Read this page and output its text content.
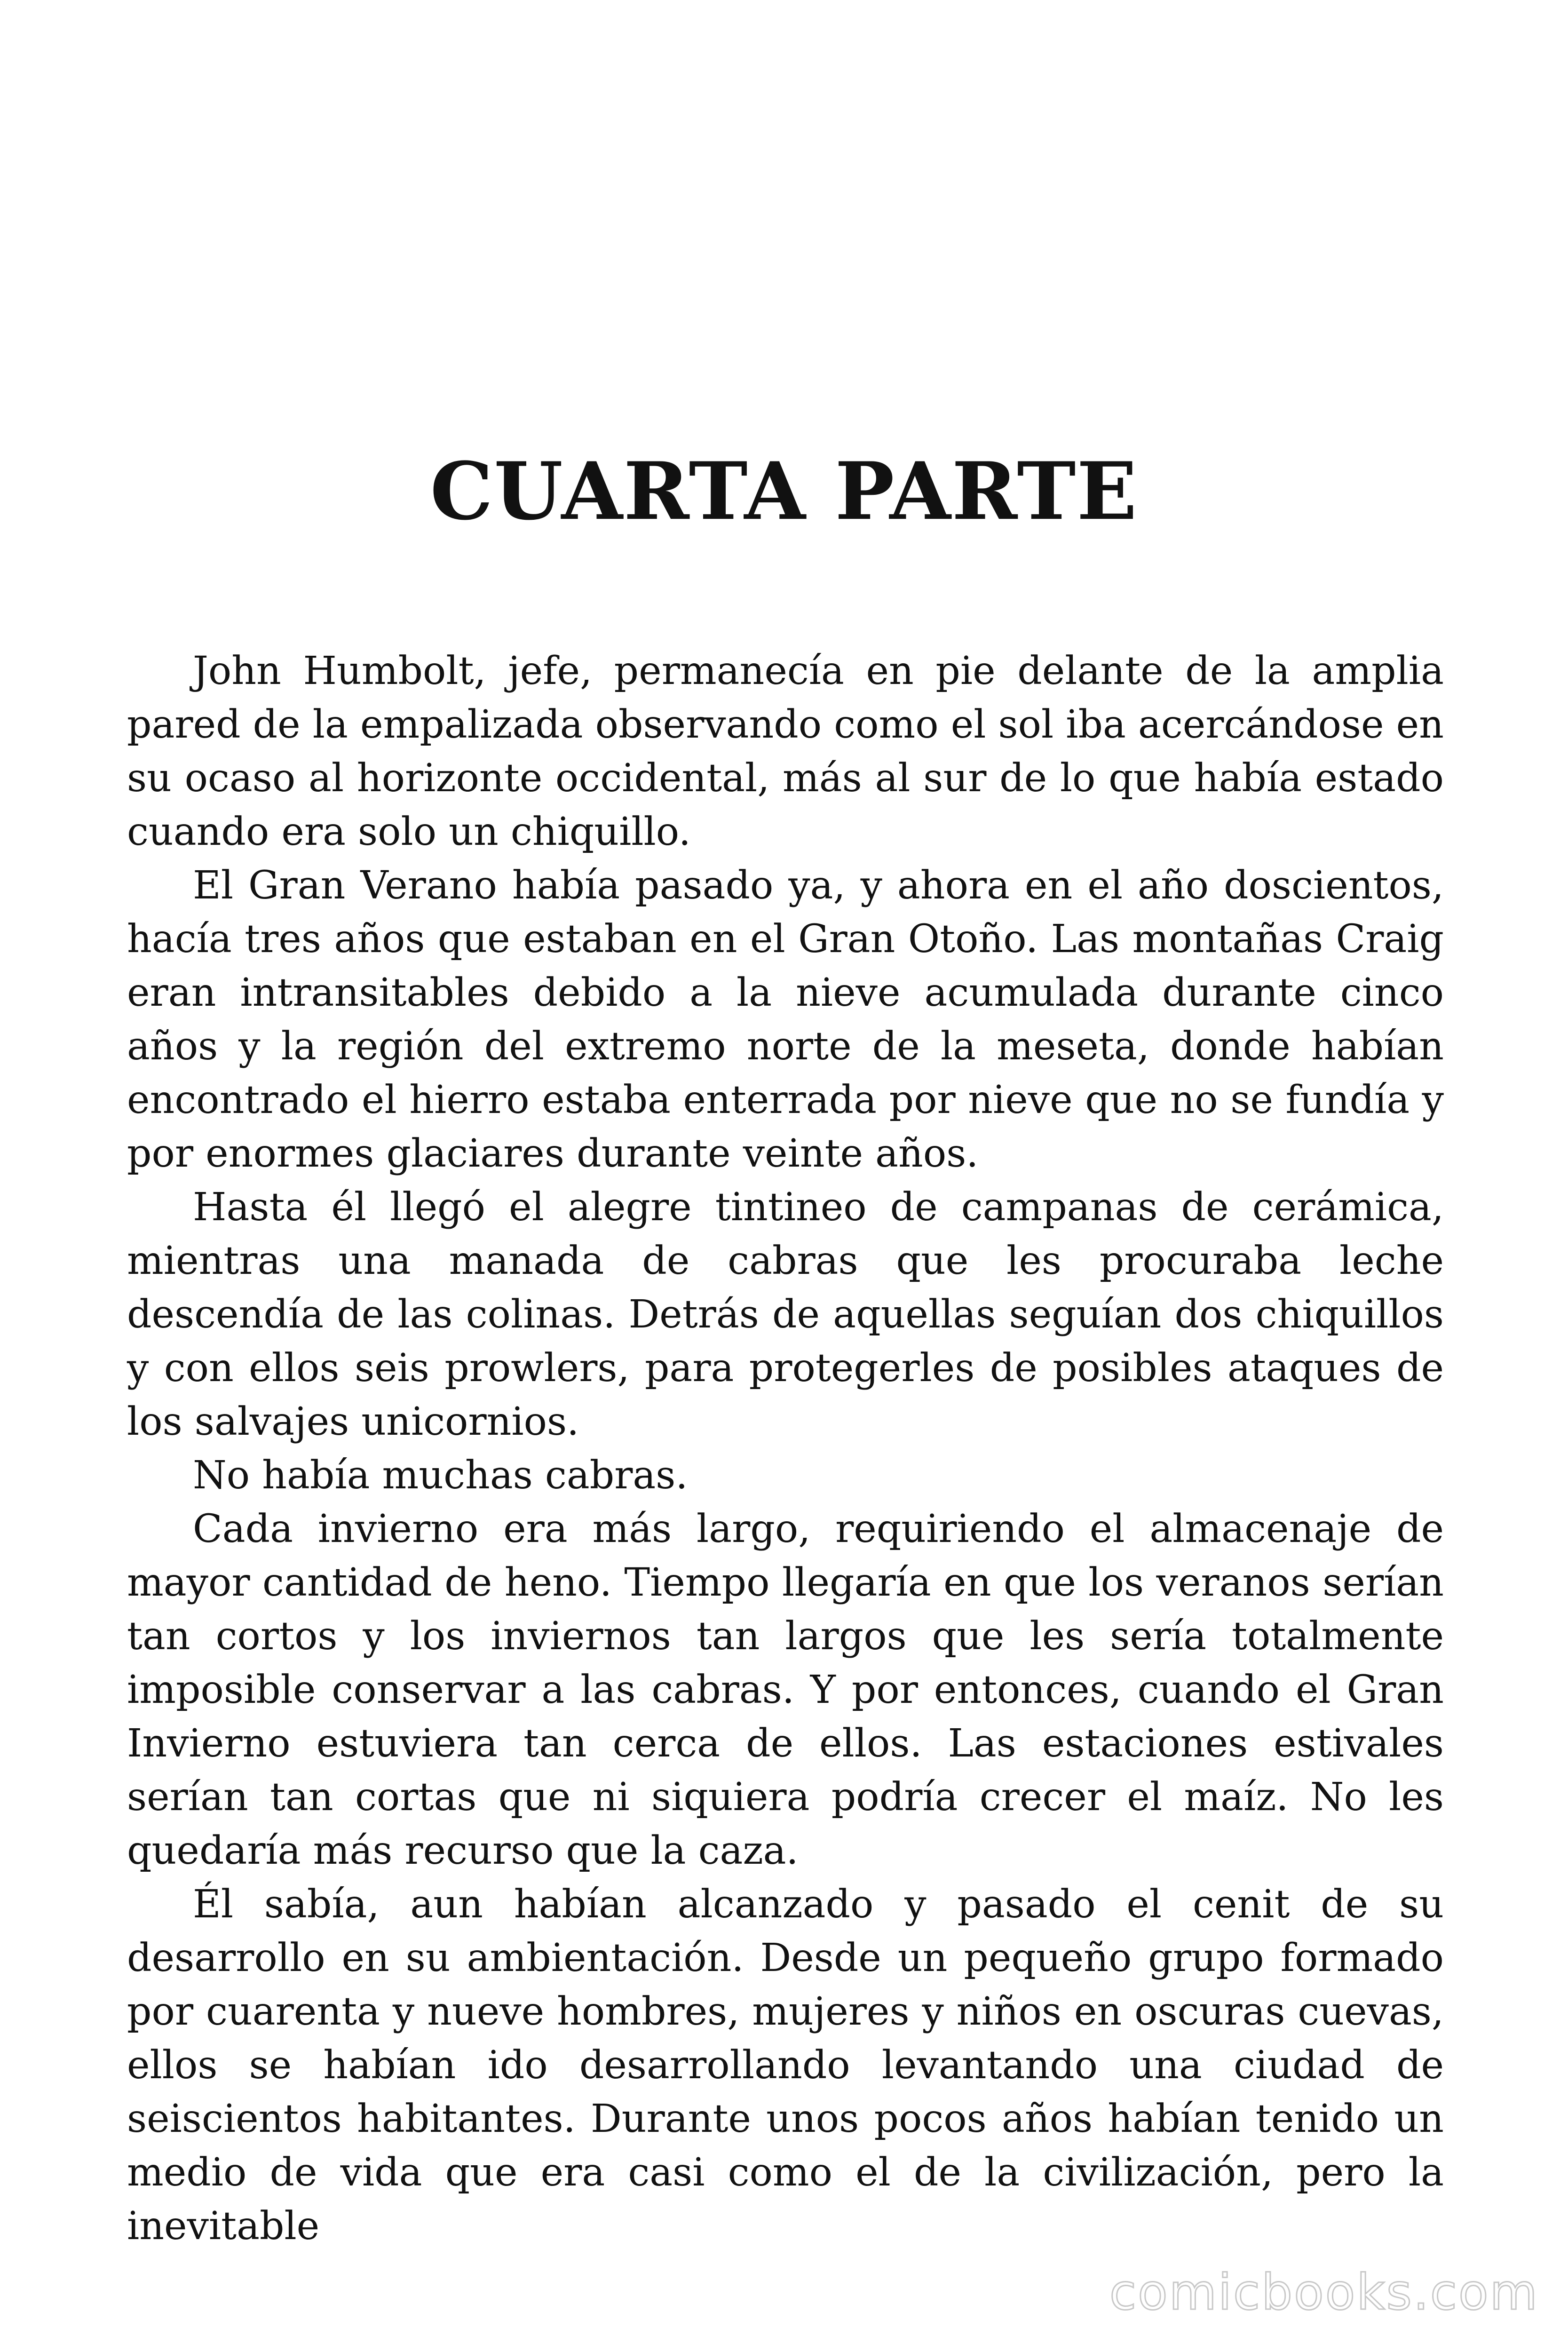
CUARTA PARTE

John Humbolt, jefe, permanecía en pie delante de la amplia pared de la empalizada observando como el sol iba acercándose en su ocaso al horizonte occidental, más al sur de lo que había estado cuando era solo un chiquillo.

El Gran Verano había pasado ya, y ahora en el año doscientos, hacía tres años que estaban en el Gran Otoño. Las montañas Craig eran intransitables debido a la nieve acumulada durante cinco años y la región del extremo norte de la meseta, donde habían encontrado el hierro estaba enterrada por nieve que no se fundía y por enormes glaciares durante veinte años.

Hasta él llegó el alegre tintineo de campanas de cerámica, mientras una manada de cabras que les procuraba leche descendía de las colinas. Detrás de aquellas seguían dos chiquillos y con ellos seis prowlers, para protegerles de posibles ataques de los salvajes unicornios.

No había muchas cabras.

Cada invierno era más largo, requiriendo el almacenaje de mayor cantidad de heno. Tiempo llegaría en que los veranos serían tan cortos y los inviernos tan largos que les sería totalmente imposible conservar a las cabras. Y por entonces, cuando el Gran Invierno estuviera tan cerca de ellos. Las estaciones estivales serían tan cortas que ni siquiera podría crecer el maíz. No les quedaría más recurso que la caza.

Él sabía, aun habían alcanzado y pasado el cenit de su desarrollo en su ambientación. Desde un pequeño grupo formado por cuarenta y nueve hombres, mujeres y niños en oscuras cuevas, ellos se habían ido desarrollando levantando una ciudad de seiscientos habitantes. Durante unos pocos años habían tenido un medio de vida que era casi como el de la civilización, pero la inevitable

comicbooks.com
